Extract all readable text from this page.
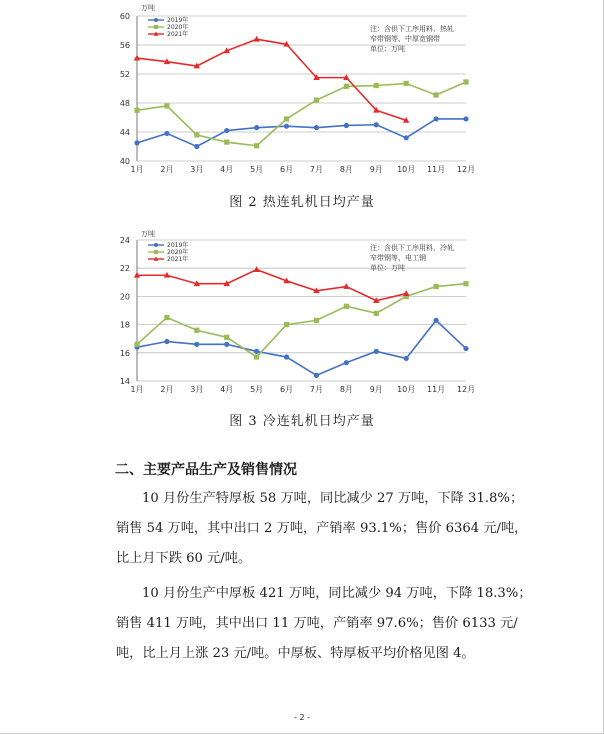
40
44
48
52
56
60
万吨
1月 2月 3月 4月 5月 6月 7月 8月 9月 10月 11月 12月
注：含供下工序用料、热轧
窄带钢等、中厚宽钢带
单位：万吨
2019年
2020年
2021年
图 2 热连轧机日均产量
14
16
18
20
22
24
万吨
1月 2月 3月 4月 5月 6月 7月 8月 9月 10月 11月 12月
注：含供下工序用料、冷轧
窄带钢等、电工钢
单位：万吨
2019年
2020年
2021年
图 3 冷连轧机日均产量
二、主要产品生产及销售情况
10 月份生产特厚板 58 万吨，同比减少 27 万吨，下降 31.8%；
销售 54 万吨，其中出口 2 万吨，产销率 93.1%；售价 6364 元/吨，
比上月下跌 60 元/吨。
10 月份生产中厚板 421 万吨，同比减少 94 万吨，下降 18.3%；
销售 411 万吨，其中出口 11 万吨，产销率 97.6%；售价 6133 元/
吨，比上月上涨 23 元/吨。中厚板、特厚板平均价格见图 4。
- 2 -
